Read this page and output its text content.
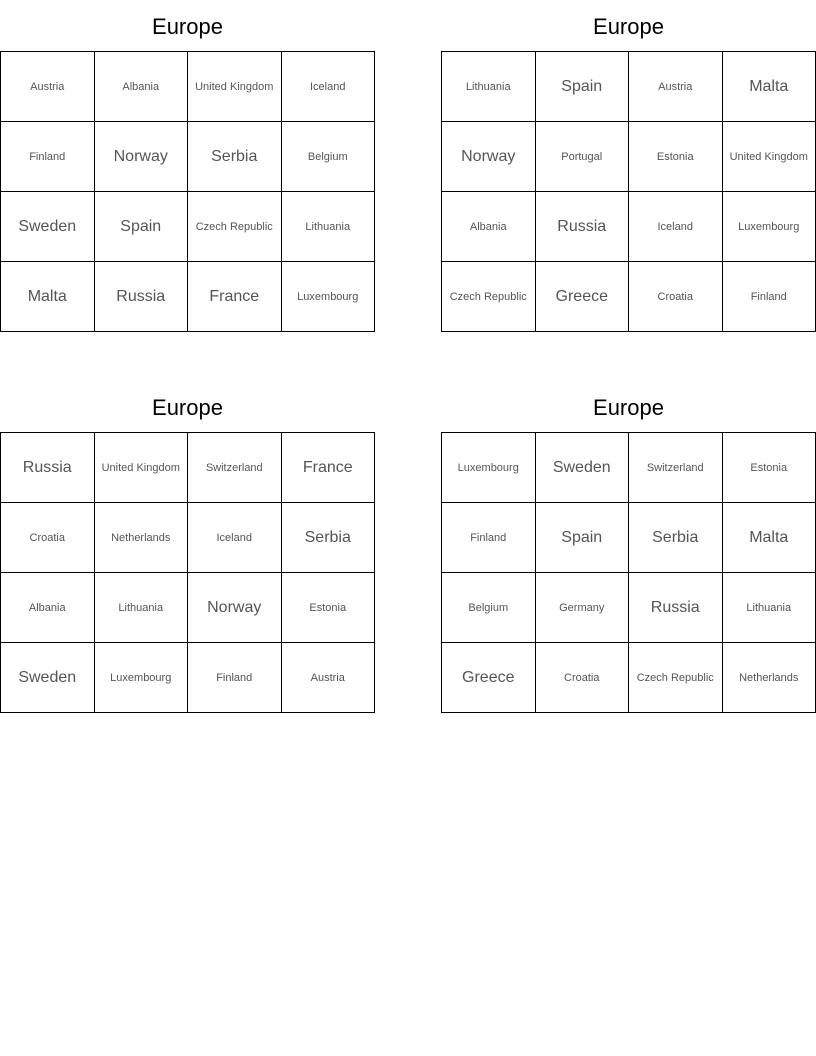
Europe
Austria	Albania	United Kingdom	Iceland
Finland	Norway	Serbia	Belgium
Sweden	Spain	Czech Republic	Lithuania
Malta	Russia	France	Luxembourg
Europe
Lithuania	Spain	Austria	Malta
Norway	Portugal	Estonia	United Kingdom
Albania	Russia	Iceland	Luxembourg
Czech Republic	Greece	Croatia	Finland
Europe
Russia	United Kingdom	Switzerland	France
Croatia	Netherlands	Iceland	Serbia
Albania	Lithuania	Norway	Estonia
Sweden	Luxembourg	Finland	Austria
Europe
Luxembourg	Sweden	Switzerland	Estonia
Finland	Spain	Serbia	Malta
Belgium	Germany	Russia	Lithuania
Greece	Croatia	Czech Republic	Netherlands
